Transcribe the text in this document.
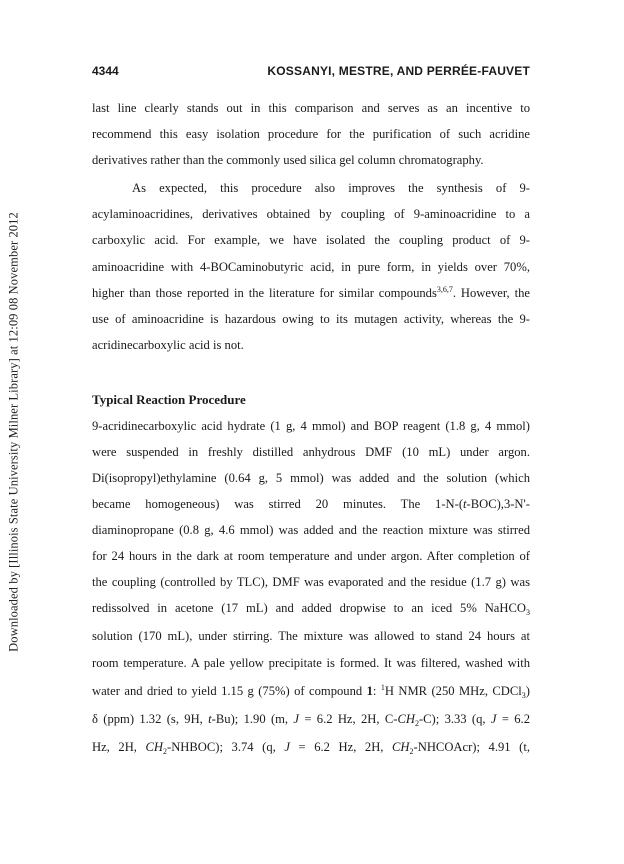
Downloaded by [Illinois State University Milner Library] at 12:09 08 November 2012
4344	KOSSANYI, MESTRE, AND PERRÉE-FAUVET
last line clearly stands out in this comparison and serves as an incentive to
recommend this easy isolation procedure for the purification of such acridine
derivatives rather than the commonly used silica gel column chromatography.
As expected, this procedure also improves the synthesis of 9-
acylaminoacridines, derivatives obtained by coupling of 9-aminoacridine to a
carboxylic acid. For example, we have isolated the coupling product of 9-
aminoacridine with 4-BOCaminobutyric acid, in pure form, in yields over 70%,
higher than those reported in the literature for similar compounds$^{3,6,7}$. However, the
use of aminoacridine is hazardous owing to its mutagen activity, whereas the 9-
acridinecarboxylic acid is not.
Typical Reaction Procedure
9-acridinecarboxylic acid hydrate (1 g, 4 mmol) and BOP reagent (1.8 g, 4 mmol)
were suspended in freshly distilled anhydrous DMF (10 mL) under argon.
Di(isopropyl)ethylamine (0.64 g, 5 mmol) was added and the solution (which
became homogeneous) was stirred 20 minutes. The 1-N-(t-BOC),3-N'-
diaminopropane (0.8 g, 4.6 mmol) was added and the reaction mixture was stirred
for 24 hours in the dark at room temperature and under argon. After completion of
the coupling (controlled by TLC), DMF was evaporated and the residue (1.7 g) was
redissolved in acetone (17 mL) and added dropwise to an iced 5% NaHCO$_3$
solution (170 mL), under stirring. The mixture was allowed to stand 24 hours at
room temperature. A pale yellow precipitate is formed. It was filtered, washed with
water and dried to yield 1.15 g (75%) of compound 1: $^1$H NMR (250 MHz, CDCl$_3$)
δ (ppm) 1.32 (s, 9H, t-Bu); 1.90 (m, J = 6.2 Hz, 2H, $C-CH_2-C$); 3.33 (q, J = 6.2
Hz, 2H, $CH_2-NHBOC$); 3.74 (q, J = 6.2 Hz, 2H, $CH_2-NHCOAcr$); 4.91 (t,
